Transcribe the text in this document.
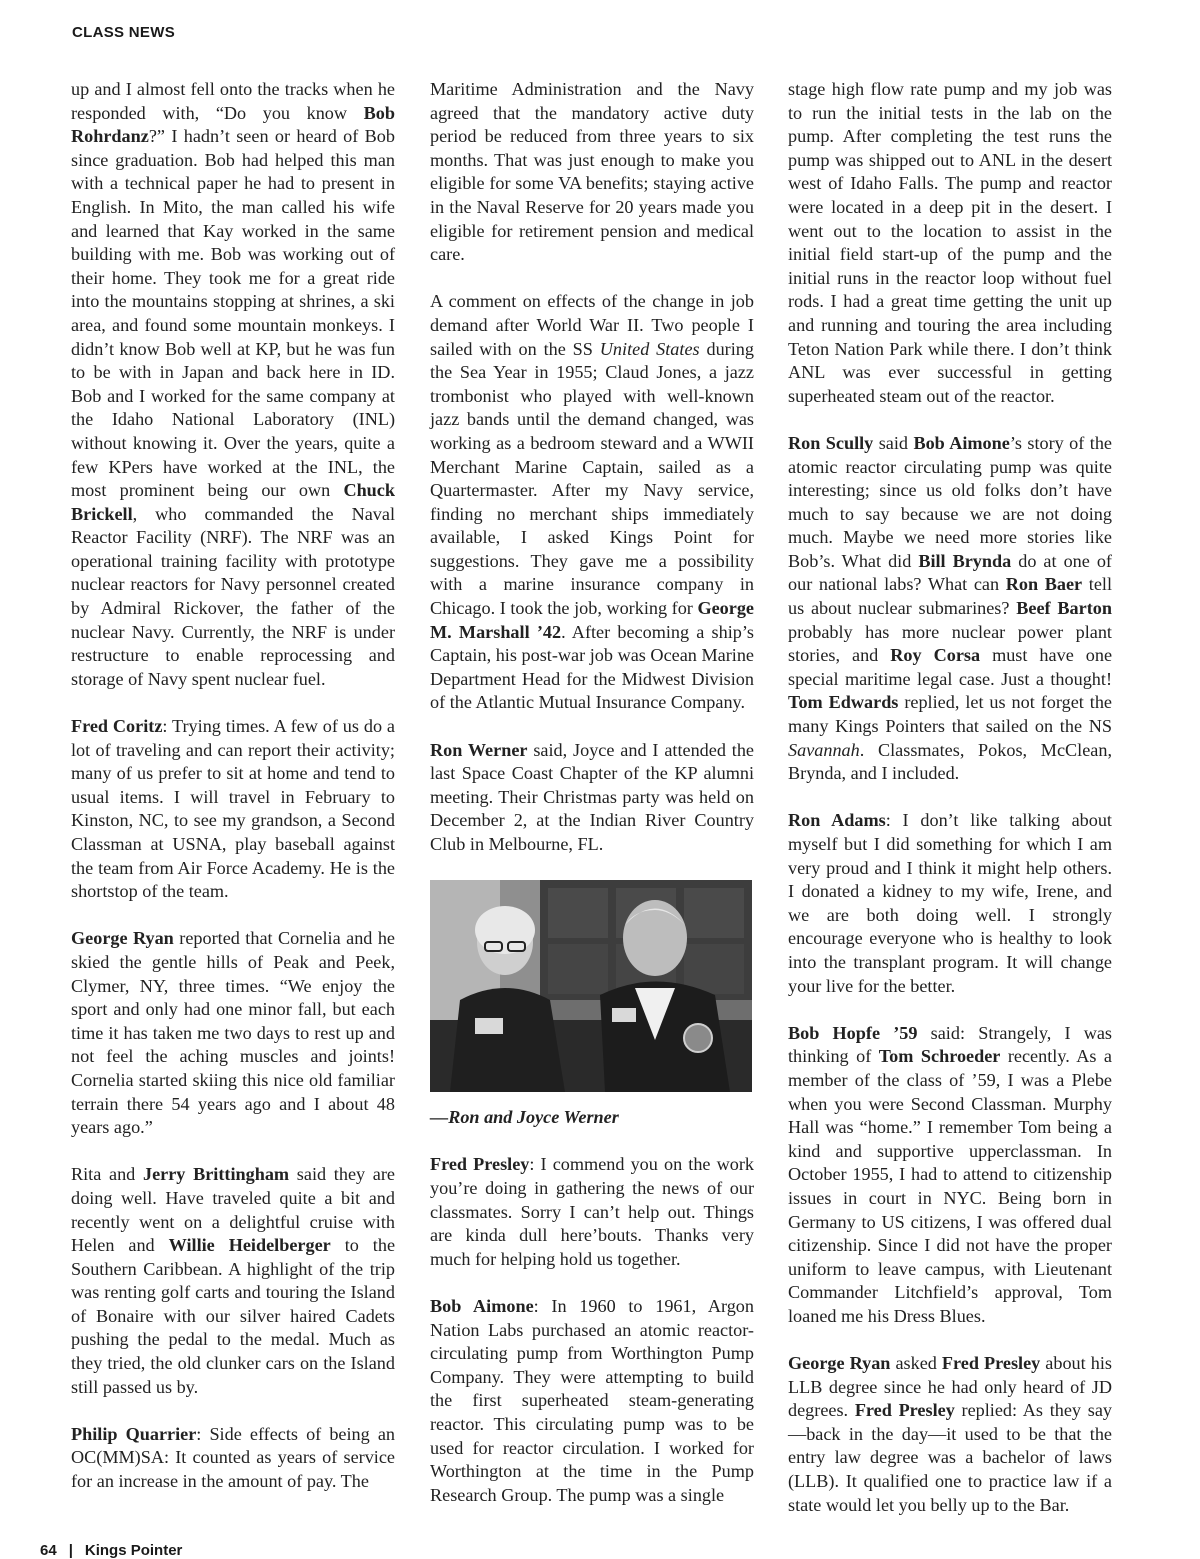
CLASS NEWS

up and I almost fell onto the tracks when he responded with, “Do you know Bob Rohrdanz?” I hadn’t seen or heard of Bob since graduation. Bob had helped this man with a technical paper he had to present in English. In Mito, the man called his wife and learned that Kay worked in the same building with me. Bob was working out of their home. They took me for a great ride into the mountains stopping at shrines, a ski area, and found some mountain monkeys. I didn’t know Bob well at KP, but he was fun to be with in Japan and back here in ID. Bob and I worked for the same company at the Idaho National Laboratory (INL) without knowing it. Over the years, quite a few KPers have worked at the INL, the most prominent being our own Chuck Brickell, who commanded the Naval Reactor Facility (NRF). The NRF was an operational training facility with prototype nuclear reactors for Navy personnel created by Admiral Rickover, the father of the nuclear Navy. Currently, the NRF is under restructure to enable reprocessing and storage of Navy spent nuclear fuel.

Fred Coritz: Trying times. A few of us do a lot of traveling and can report their activity; many of us prefer to sit at home and tend to usual items. I will travel in February to Kinston, NC, to see my grandson, a Second Classman at USNA, play baseball against the team from Air Force Academy. He is the shortstop of the team.

George Ryan reported that Cornelia and he skied the gentle hills of Peak and Peek, Clymer, NY, three times. “We enjoy the sport and only had one minor fall, but each time it has taken me two days to rest up and not feel the aching muscles and joints! Cornelia started skiing this nice old familiar terrain there 54 years ago and I about 48 years ago.”

Rita and Jerry Brittingham said they are doing well. Have traveled quite a bit and recently went on a delightful cruise with Helen and Willie Heidelberger to the Southern Caribbean. A highlight of the trip was renting golf carts and touring the Island of Bonaire with our silver haired Cadets pushing the pedal to the medal. Much as they tried, the old clunker cars on the Island still passed us by.

Philip Quarrier: Side effects of being an OC(MM)SA: It counted as years of service for an increase in the amount of pay. The

Maritime Administration and the Navy agreed that the mandatory active duty period be reduced from three years to six months. That was just enough to make you eligible for some VA benefits; staying active in the Naval Reserve for 20 years made you eligible for retirement pension and medical care.

A comment on effects of the change in job demand after World War II. Two people I sailed with on the SS United States during the Sea Year in 1955; Claud Jones, a jazz trombonist who played with well-known jazz bands until the demand changed, was working as a bedroom steward and a WWII Merchant Marine Captain, sailed as a Quartermaster. After my Navy service, finding no merchant ships immediately available, I asked Kings Point for suggestions. They gave me a possibility with a marine insurance company in Chicago. I took the job, working for George M. Marshall ’42. After becoming a ship’s Captain, his post-war job was Ocean Marine Department Head for the Midwest Division of the Atlantic Mutual Insurance Company.

Ron Werner said, Joyce and I attended the last Space Coast Chapter of the KP alumni meeting. Their Christmas party was held on December 2, at the Indian River Country Club in Melbourne, FL.

—Ron and Joyce Werner

Fred Presley: I commend you on the work you’re doing in gathering the news of our classmates. Sorry I can’t help out. Things are kinda dull here’bouts. Thanks very much for helping hold us together.

Bob Aimone: In 1960 to 1961, Argon Nation Labs purchased an atomic reactor-circulating pump from Worthington Pump Company. They were attempting to build the first superheated steam-generating reactor. This circulating pump was to be used for reactor circulation. I worked for Worthington at the time in the Pump Research Group. The pump was a single

stage high flow rate pump and my job was to run the initial tests in the lab on the pump. After completing the test runs the pump was shipped out to ANL in the desert west of Idaho Falls. The pump and reactor were located in a deep pit in the desert. I went out to the location to assist in the initial field start-up of the pump and the initial runs in the reactor loop without fuel rods. I had a great time getting the unit up and running and touring the area including Teton Nation Park while there. I don’t think ANL was ever successful in getting superheated steam out of the reactor.

Ron Scully said Bob Aimone’s story of the atomic reactor circulating pump was quite interesting; since us old folks don’t have much to say because we are not doing much. Maybe we need more stories like Bob’s. What did Bill Brynda do at one of our national labs? What can Ron Baer tell us about nuclear submarines? Beef Barton probably has more nuclear power plant stories, and Roy Corsa must have one special maritime legal case. Just a thought! Tom Edwards replied, let us not forget the many Kings Pointers that sailed on the NS Savannah. Classmates, Pokos, McClean, Brynda, and I included.

Ron Adams: I don’t like talking about myself but I did something for which I am very proud and I think it might help others. I donated a kidney to my wife, Irene, and we are both doing well. I strongly encourage everyone who is healthy to look into the transplant program. It will change your live for the better.

Bob Hopfe ’59 said: Strangely, I was thinking of Tom Schroeder recently. As a member of the class of ’59, I was a Plebe when you were Second Classman. Murphy Hall was “home.” I remember Tom being a kind and supportive upperclassman. In October 1955, I had to attend to citizenship issues in court in NYC. Being born in Germany to US citizens, I was offered dual citizenship. Since I did not have the proper uniform to leave campus, with Lieutenant Commander Litchfield’s approval, Tom loaned me his Dress Blues.

George Ryan asked Fred Presley about his LLB degree since he had only heard of JD degrees. Fred Presley replied: As they say—back in the day—it used to be that the entry law degree was a bachelor of laws (LLB). It qualified one to practice law if a state would let you belly up to the Bar.

64 | Kings Pointer
